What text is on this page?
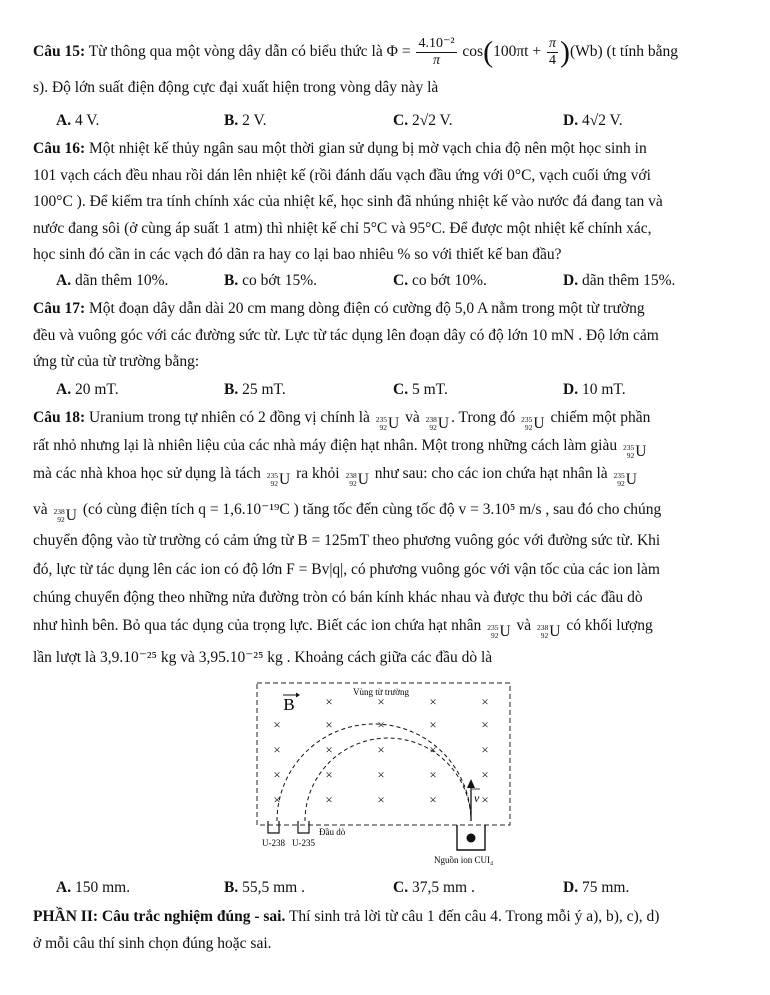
Câu 15: Từ thông qua một vòng dây dẫn có biểu thức là $\Phi = \frac{\text{4.10⁻²}}{\pi} \cos(100\pi t + \frac{\pi}{4} )(Wb)$ (t tính bằng
s). Độ lớn suất điện động cực đại xuất hiện trong vòng dây này là
A. 4 V.	B. 2 V.	C. 2√2 V.	D. 4√2 V.
Câu 16: Một nhiệt kế thủy ngân sau một thời gian sử dụng bị mờ vạch chia độ nên một học sinh in
101 vạch cách đều nhau rồi dán lên nhiệt kế (rồi đánh dấu vạch đầu ứng với 0°C, vạch cuối ứng với
100°C ). Để kiểm tra tính chính xác của nhiệt kế, học sinh đã nhúng nhiệt kế vào nước đá đang tan và
nước đang sôi (ở cùng áp suất 1 atm) thì nhiệt kế chỉ 5°C và 95°C. Để được một nhiệt kế chính xác,
học sinh đó cần in các vạch đó dãn ra hay co lại bao nhiêu % so với thiết kế ban đầu?
A. dãn thêm 10%.	B. co bớt 15%.	C. co bớt 10%.	D. dãn thêm 15%.
Câu 17: Một đoạn dây dẫn dài 20 cm mang dòng điện có cường độ 5,0 A nằm trong một từ trường
đều và vuông góc với các đường sức từ. Lực từ tác dụng lên đoạn dây có độ lớn 10 mN . Độ lớn cảm
ứng từ của từ trường bằng:
A. 20 mT.	B. 25 mT.	C. 5 mT.	D. 10 mT.
Câu 18: Uranium trong tự nhiên có 2 đồng vị chính là 235
92 U và 238
92 U . Trong đó 235
92 U chiếm một phần
rất nhỏ nhưng lại là nhiên liệu của các nhà máy điện hạt nhân. Một trong những cách làm giàu 235
92 U
mà các nhà khoa học sử dụng là tách 235
92 U ra khỏi 238
92 U như sau: cho các ion chứa hạt nhân là 235
92 U
và 238
92 U (có cùng điện tích q = 1,6.10⁻¹⁹C ) tăng tốc đến cùng tốc độ v = 3.10⁵ m/s , sau đó cho chúng
chuyển động vào từ trường có cảm ứng từ B = 125mT theo phương vuông góc với đường sức từ. Khi
đó, lực từ tác dụng lên các ion có độ lớn F = Bv|q|, có phương vuông góc với vận tốc của các ion làm
chúng chuyển động theo những nửa đường tròn có bán kính khác nhau và được thu bởi các đầu dò
như hình bên. Bỏ qua tác dụng của trọng lực. Biết các ion chứa hạt nhân 235
92 U và 238
92 U có khối lượng
lần lượt là 3,9.10⁻²⁵ kg và 3,95.10⁻²⁵ kg . Khoảng cách giữa các đầu dò là
Vùng từ trường
B ×	×	×	×
×	×	×	×	×
×	×	×	×	×
×	×	×	×	×
×	×	×	×	×
v
Đầu dò
U-238 U-235
Nguồn ion CUI₄
A. 150 mm.	B. 55,5 mm .	C. 37,5 mm .	D. 75 mm.
PHẦN II: Câu trắc nghiệm đúng - sai. Thí sinh trả lời từ câu 1 đến câu 4. Trong mỗi ý a), b), c), d)
ở mỗi câu thí sinh chọn đúng hoặc sai.
